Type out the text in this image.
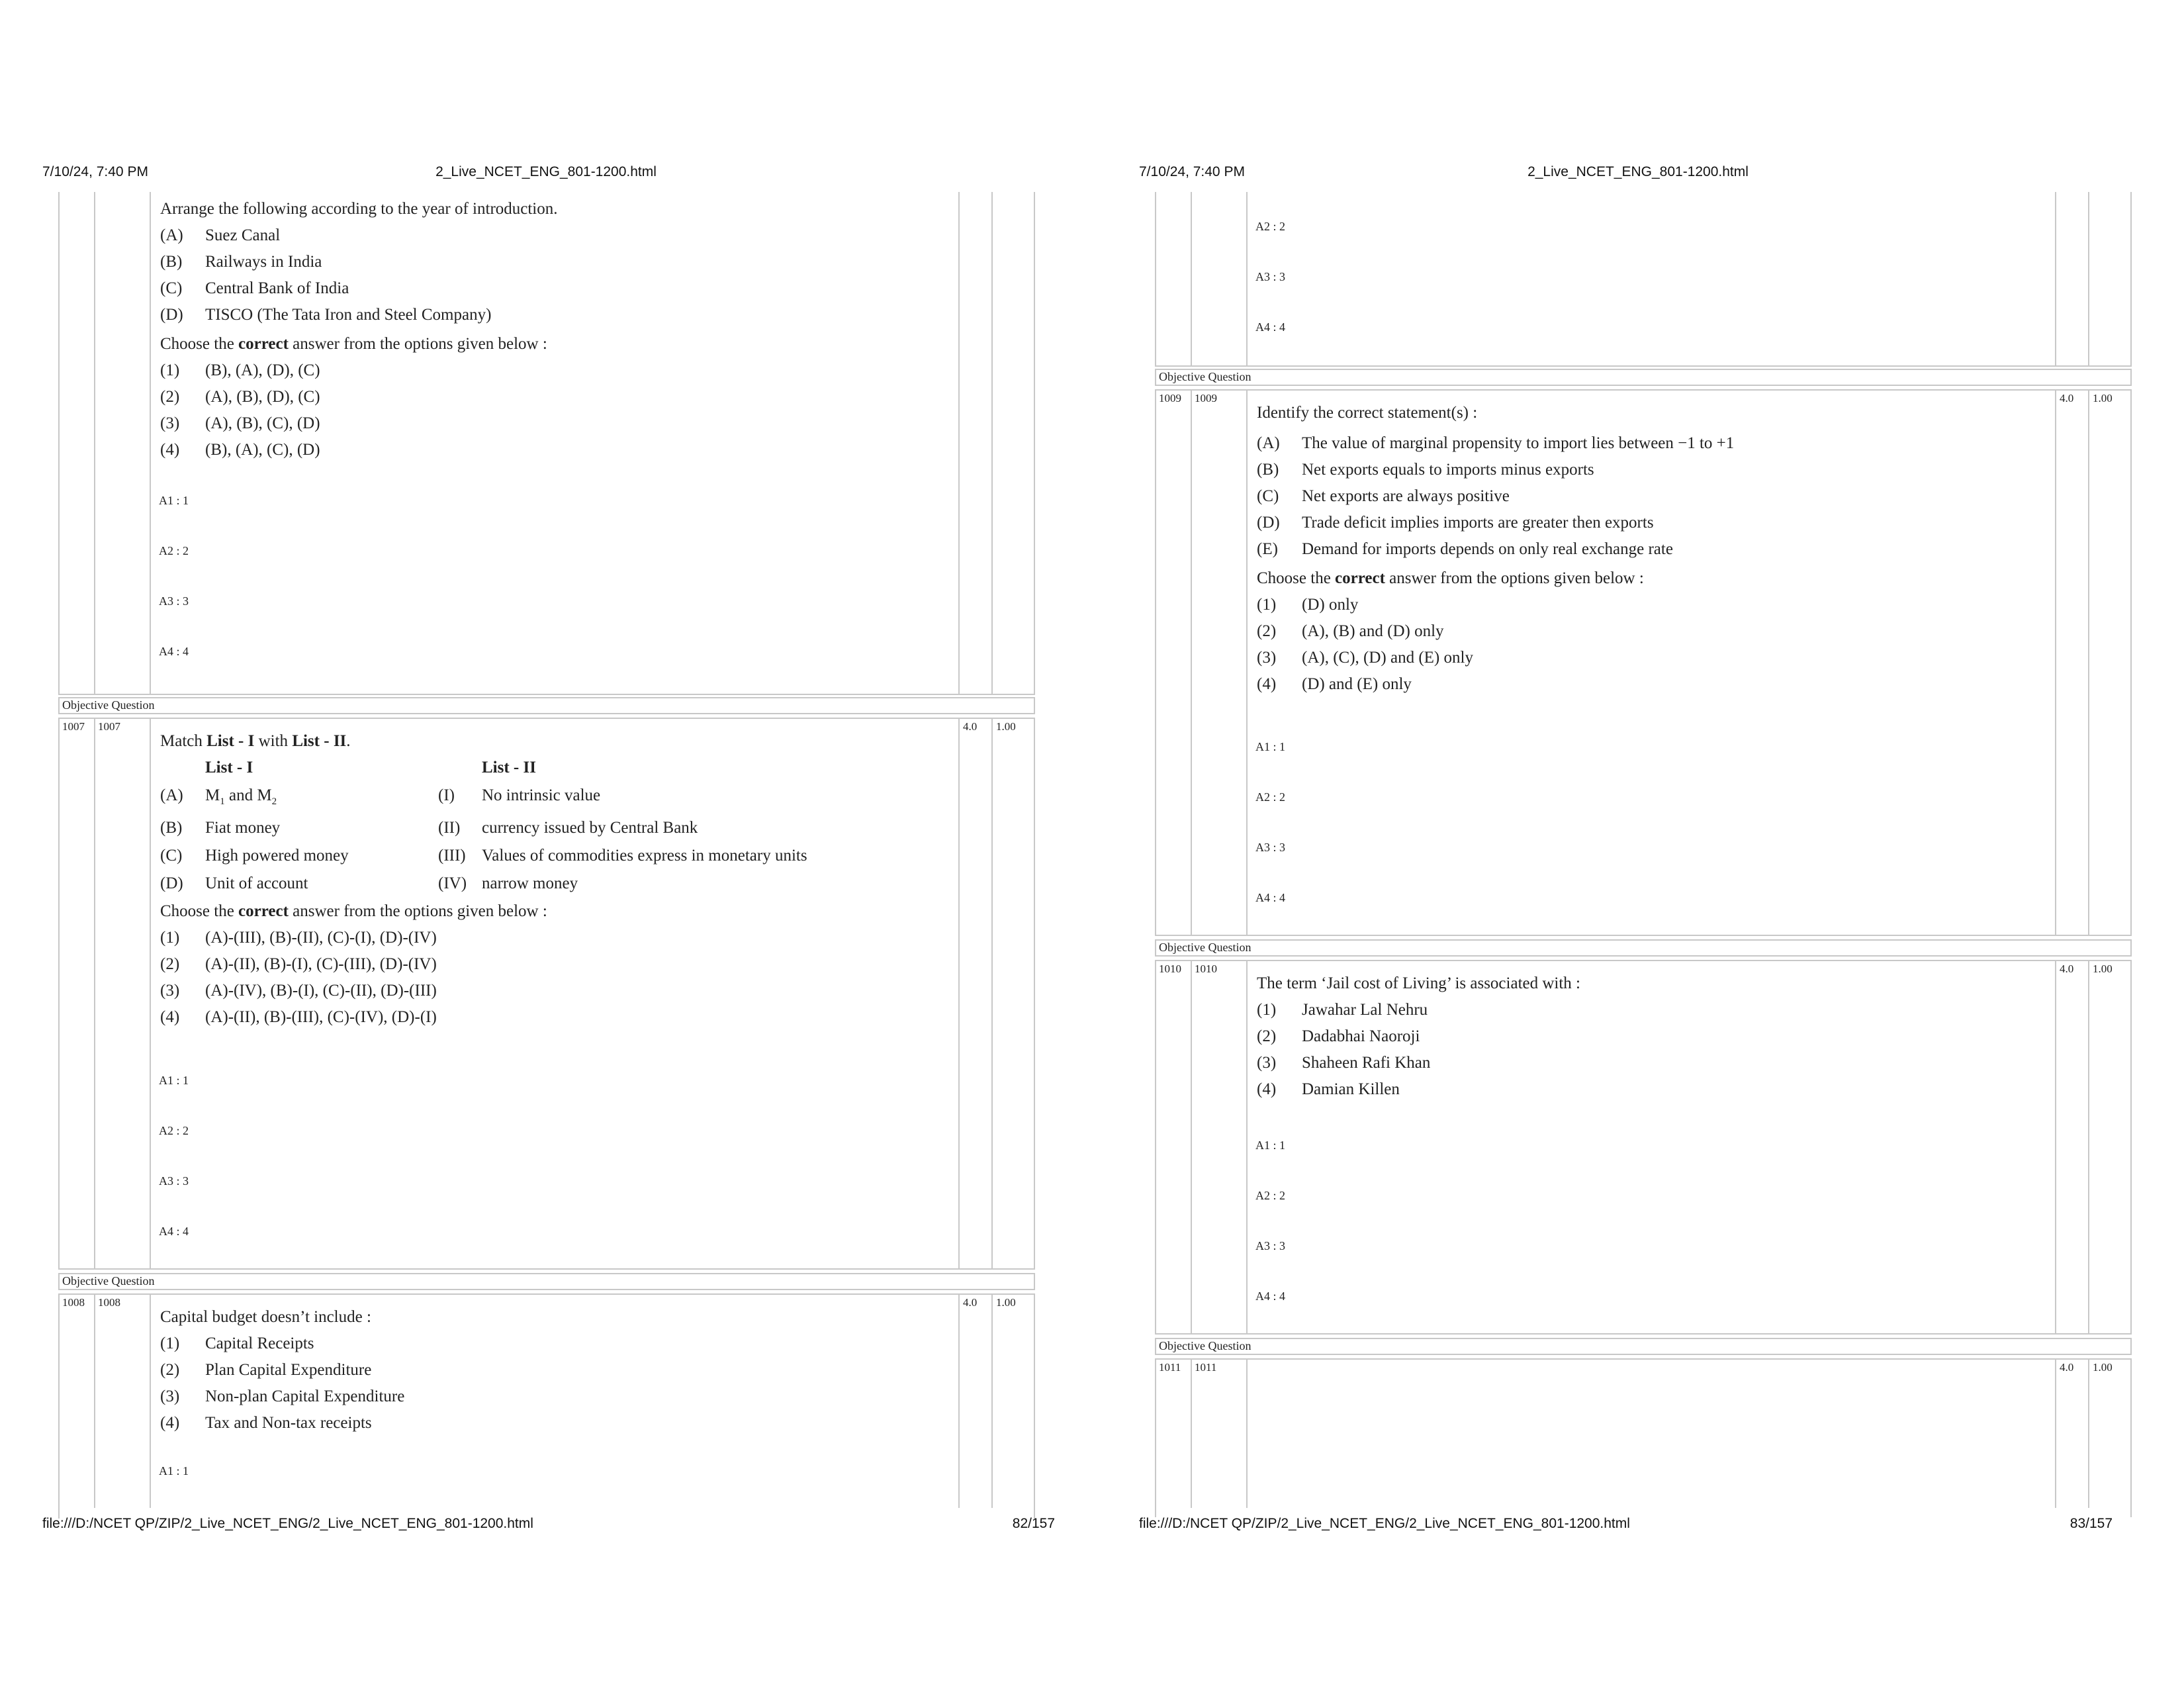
7/10/24, 7:40 PM	2_Live_NCET_ENG_801-1200.html
Arrange the following according to the year of introduction.
(A) Suez Canal
(B) Railways in India
(C) Central Bank of India
(D) TISCO (The Tata Iron and Steel Company)
Choose the correct answer from the options given below :
(1) (B), (A), (D), (C)
(2) (A), (B), (D), (C)
(3) (A), (B), (C), (D)
(4) (B), (A), (C), (D)
A1 : 1
A2 : 2
A3 : 3
A4 : 4
Objective Question
1007 1007	4.0 1.00
Match List - I with List - II.
	List - I		List - II
(A)	$M_1$ and $M_2$	(I)	No intrinsic value
(B)	Fiat money	(II)	currency issued by Central Bank
(C)	High powered money	(III)	Values of commodities express in monetary units
(D)	Unit of account	(IV)	narrow money
Choose the correct answer from the options given below :
(1) (A)-(III), (B)-(II), (C)-(I), (D)-(IV)
(2) (A)-(II), (B)-(I), (C)-(III), (D)-(IV)
(3) (A)-(IV), (B)-(I), (C)-(II), (D)-(III)
(4) (A)-(II), (B)-(III), (C)-(IV), (D)-(I)
A1 : 1
A2 : 2
A3 : 3
A4 : 4
Objective Question
1008 1008	4.0 1.00
Capital budget doesn’t include :
(1) Capital Receipts
(2) Plan Capital Expenditure
(3) Non-plan Capital Expenditure
(4) Tax and Non-tax receipts
A1 : 1
file:///D:/NCET QP/ZIP/2_Live_NCET_ENG/2_Live_NCET_ENG_801-1200.html	82/157
7/10/24, 7:40 PM	2_Live_NCET_ENG_801-1200.html
A2 : 2
A3 : 3
A4 : 4
Objective Question
1009 1009	4.0 1.00
Identify the correct statement(s) :
(A) The value of marginal propensity to import lies between −1 to +1
(B) Net exports equals to imports minus exports
(C) Net exports are always positive
(D) Trade deficit implies imports are greater then exports
(E) Demand for imports depends on only real exchange rate
Choose the correct answer from the options given below :
(1) (D) only
(2) (A), (B) and (D) only
(3) (A), (C), (D) and (E) only
(4) (D) and (E) only
A1 : 1
A2 : 2
A3 : 3
A4 : 4
Objective Question
1010 1010	4.0 1.00
The term ‘Jail cost of Living’ is associated with :
(1) Jawahar Lal Nehru
(2) Dadabhai Naoroji
(3) Shaheen Rafi Khan
(4) Damian Killen
A1 : 1
A2 : 2
A3 : 3
A4 : 4
Objective Question
1011 1011	4.0 1.00
file:///D:/NCET QP/ZIP/2_Live_NCET_ENG/2_Live_NCET_ENG_801-1200.html	83/157
